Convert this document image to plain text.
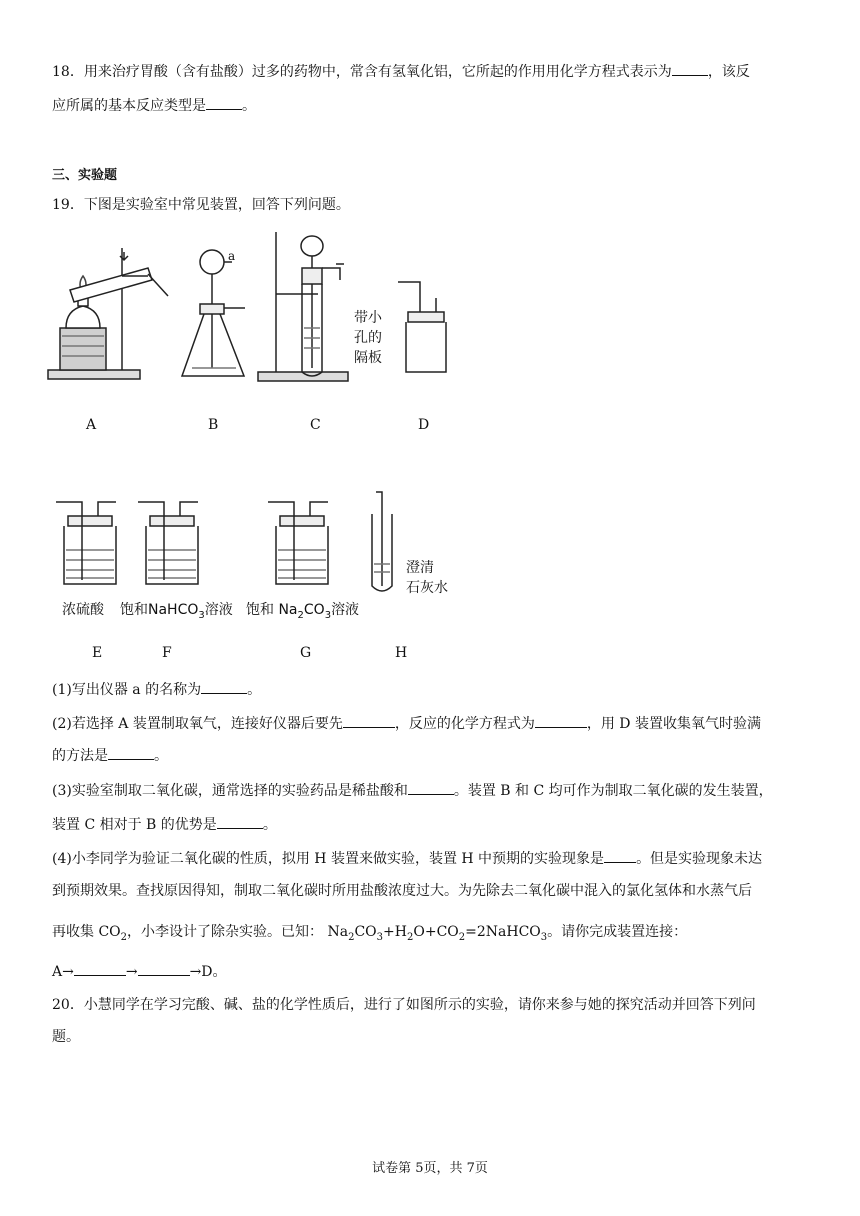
18．用来治疗胃酸（含有盐酸）过多的药物中，常含有氢氧化铝，它所起的作用用化学方程式表示为	，该反
应所属的基本反应类型是	。
三、实验题
19．下图是实验室中常见装置，回答下列问题。
a
带小
孔的
隔板
A	B	C	D
浓硫酸 饱和NaHCO$_3$溶液 饱和 $Na_2CO_3$溶液
澄清
石灰水
E	F	G	H
(1)写出仪器 a 的名称为	。
(2)若选择 A 装置制取氧气，连接好仪器后要先	，反应的化学方程式为	，用 D 装置收集氧气时验满
的方法是	。
(3)实验室制取二氧化碳，通常选择的实验药品是稀盐酸和	。装置 B 和 C 均可作为制取二氧化碳的发生装置，
装置 C 相对于 B 的优势是	。
(4)小李同学为验证二氧化碳的性质，拟用 H 装置来做实验，装置 H 中预期的实验现象是 。但是实验现象未达
到预期效果。查找原因得知，制取二氧化碳时所用盐酸浓度过大。为先除去二氧化碳中混入的氯化氢体和水蒸气后
再收集 $CO_2$，小李设计了除杂实验。已知： $Na_2CO_3+H_2O+CO_2=2NaHCO_3$。请你完成装置连接：
A→	→	→D。
20．小慧同学在学习完酸、碱、盐的化学性质后，进行了如图所示的实验，请你来参与她的探究活动并回答下列问
题。
试卷第 5页，共 7页
